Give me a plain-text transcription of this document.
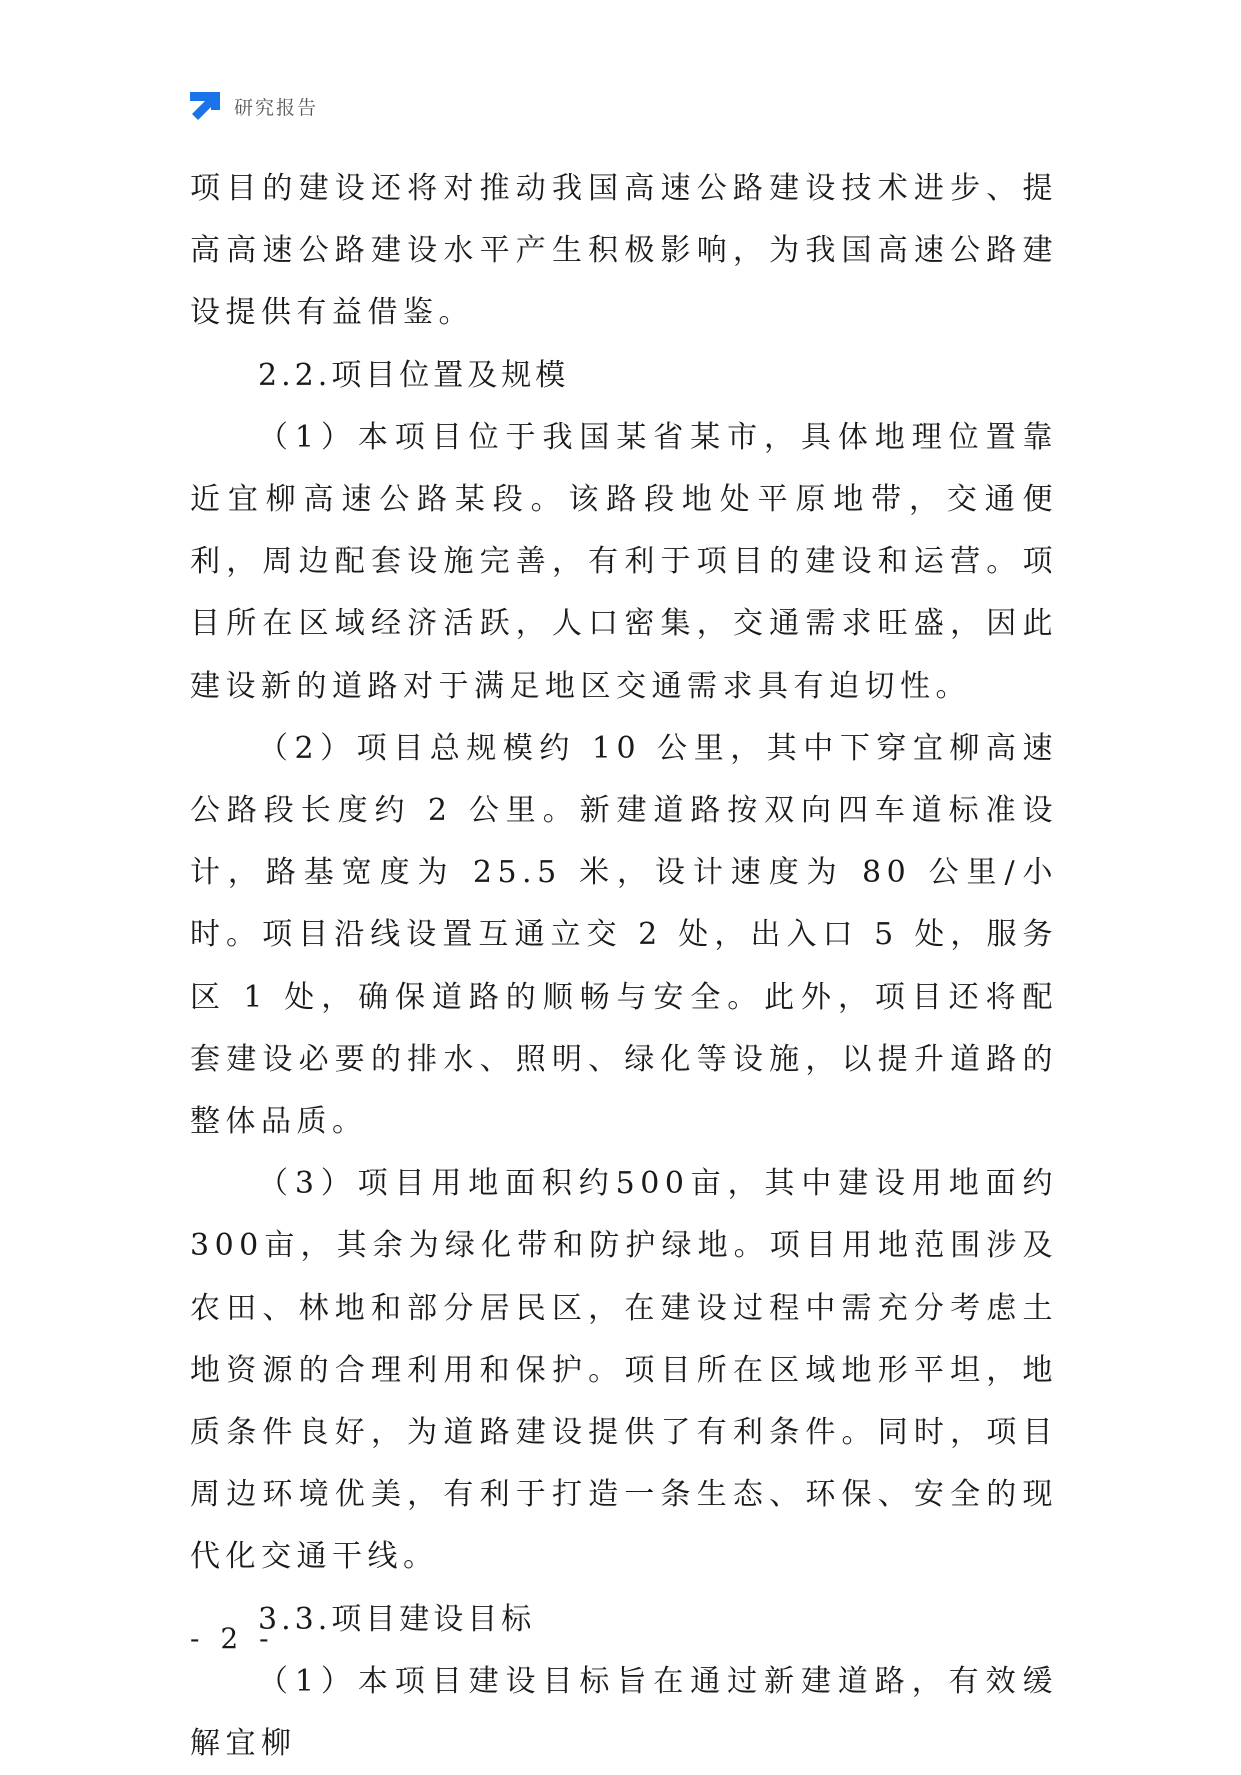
研究报告

项目的建设还将对推动我国高速公路建设技术进步、提高高速公路建设水平产生积极影响，为我国高速公路建设提供有益借鉴。

2.2.项目位置及规模

（1）本项目位于我国某省某市，具体地理位置靠近宜柳高速公路某段。该路段地处平原地带，交通便利，周边配套设施完善，有利于项目的建设和运营。项目所在区域经济活跃，人口密集，交通需求旺盛，因此建设新的道路对于满足地区交通需求具有迫切性。

（2）项目总规模约 10 公里，其中下穿宜柳高速公路段长度约 2 公里。新建道路按双向四车道标准设计，路基宽度为 25.5 米，设计速度为 80 公里/小时。项目沿线设置互通立交 2 处，出入口 5 处，服务区 1 处，确保道路的顺畅与安全。此外，项目还将配套建设必要的排水、照明、绿化等设施，以提升道路的整体品质。

（3）项目用地面积约500亩，其中建设用地面约300亩，其余为绿化带和防护绿地。项目用地范围涉及农田、林地和部分居民区，在建设过程中需充分考虑土地资源的合理利用和保护。项目所在区域地形平坦，地质条件良好，为道路建设提供了有利条件。同时，项目周边环境优美，有利于打造一条生态、环保、安全的现代化交通干线。

3.3.项目建设目标

（1）本项目建设目标旨在通过新建道路，有效缓解宜柳

- 2 -
